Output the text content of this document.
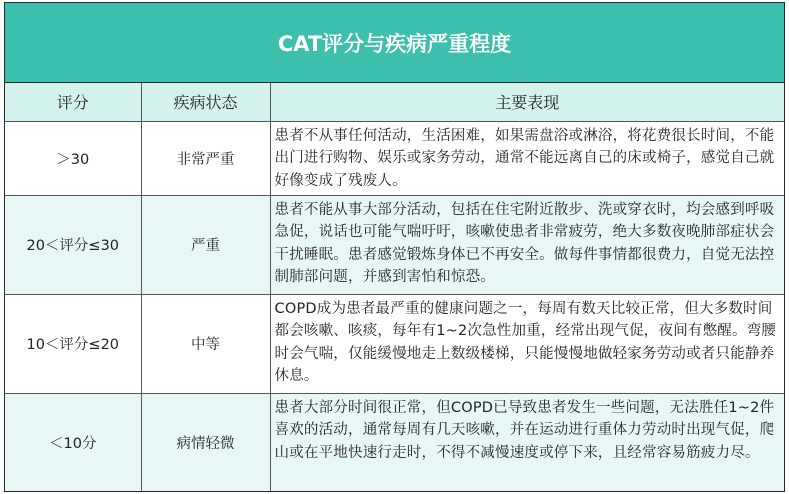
CAT评分与疾病严重程度
评分	疾病状态	主要表现
＞30	非常严重	患者不从事任何活动，生活困难，如果需盘浴或淋浴，将花费很长时间，不能出门进行购物、娱乐或家务劳动，通常不能远离自己的床或椅子，感觉自己就好像变成了残废人。
20＜评分≤30	严重	患者不能从事大部分活动，包括在住宅附近散步、洗或穿衣时，均会感到呼吸急促，说话也可能气喘吁吁，咳嗽使患者非常疲劳，绝大多数夜晚肺部症状会干扰睡眠。患者感觉锻炼身体已不再安全。做每件事情都很费力，自觉无法控制肺部问题，并感到害怕和惊恐。
10＜评分≤20	中等	COPD成为患者最严重的健康问题之一，每周有数天比较正常，但大多数时间都会咳嗽、咳痰，每年有1~2次急性加重，经常出现气促，夜间有憋醒。弯腰时会气喘，仅能缓慢地走上数级楼梯，只能慢慢地做轻家务劳动或者只能静养休息。
＜10分	病情轻微	患者大部分时间很正常，但COPD已导致患者发生一些问题，无法胜任1~2件喜欢的活动，通常每周有几天咳嗽，并在运动进行重体力劳动时出现气促，爬山或在平地快速行走时，不得不减慢速度或停下来，且经常容易筋疲力尽。
